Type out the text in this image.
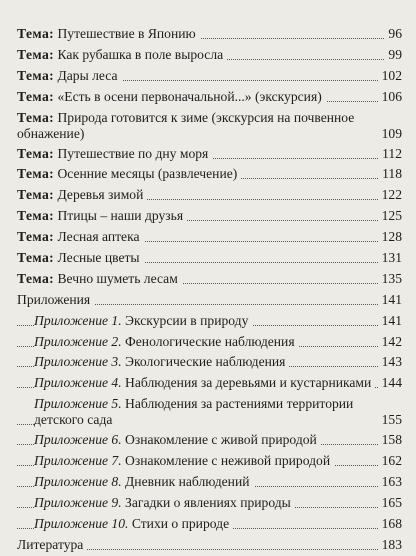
Тема: Путешествие в Японию	96
Тема: Как рубашка в поле выросла	99
Тема: Дары леса	102
Тема: «Есть в осени первоначальной...» (экскурсия)	106
Тема: Природа готовится к зиме (экскурсия на почвенное обнажение)	109
Тема: Путешествие по дну моря	112
Тема: Осенние месяцы (развлечение)	118
Тема: Деревья зимой	122
Тема: Птицы – наши друзья	125
Тема: Лесная аптека	128
Тема: Лесные цветы	131
Тема: Вечно шуметь лесам	135
Приложения	141
Приложение 1. Экскурсии в природу	141
Приложение 2. Фенологические наблюдения	142
Приложение 3. Экологические наблюдения	143
Приложение 4. Наблюдения за деревьями и кустарниками 144
Приложение 5. Наблюдения за растениями территории детского сада	155
Приложение 6. Ознакомление с живой природой	158
Приложение 7. Ознакомление с неживой природой	162
Приложение 8. Дневник наблюдений	163
Приложение 9. Загадки о явлениях природы	165
Приложение 10. Стихи о природе	168
Литература	183
